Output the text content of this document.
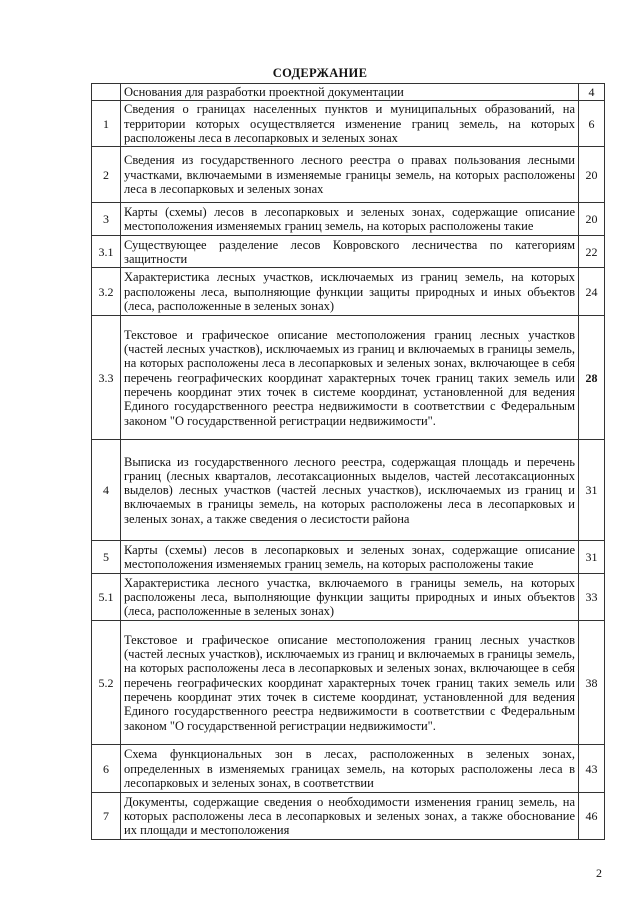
СОДЕРЖАНИЕ
	Основания для разработки проектной документации	4
1	Сведения о границах населенных пунктов и муниципальных образований, на территории которых осуществляется изменение границ земель, на которых расположены леса в лесопарковых и зеленых зонах	6
2	Сведения из государственного лесного реестра о правах пользования лесными участками, включаемыми в изменяемые границы земель, на которых расположены леса в лесопарковых и зеленых зонах	20
3	Карты (схемы) лесов в лесопарковых и зеленых зонах, содержащие описание местоположения изменяемых границ земель, на которых расположены такие	20
3.1	Существующее разделение лесов Ковровского лесничества по категориям защитности	22
3.2	Характеристика лесных участков, исключаемых из границ земель, на которых расположены леса, выполняющие функции защиты природных и иных объектов (леса, расположенные в зеленых зонах)	24
3.3	Текстовое и графическое описание местоположения границ лесных участков (частей лесных участков), исключаемых из границ и включаемых в границы земель, на которых расположены леса в лесопарковых и зеленых зонах, включающее в себя перечень географических координат характерных точек границ таких земель или перечень координат этих точек в системе координат, установленной для ведения Единого государственного реестра недвижимости в соответствии с Федеральным законом "О государственной регистрации недвижимости".	28
4	Выписка из государственного лесного реестра, содержащая площадь и перечень границ (лесных кварталов, лесотаксационных выделов, частей лесотаксационных выделов) лесных участков (частей лесных участков), исключаемых из границ и включаемых в границы земель, на которых расположены леса в лесопарковых и зеленых зонах, а также сведения о лесистости района	31
5	Карты (схемы) лесов в лесопарковых и зеленых зонах, содержащие описание местоположения изменяемых границ земель, на которых расположены такие	31
5.1	Характеристика лесного участка, включаемого в границы земель, на которых расположены леса, выполняющие функции защиты природных и иных объектов (леса, расположенные в зеленых зонах)	33
5.2	Текстовое и графическое описание местоположения границ лесных участков (частей лесных участков), исключаемых из границ и включаемых в границы земель, на которых расположены леса в лесопарковых и зеленых зонах, включающее в себя перечень географических координат характерных точек границ таких земель или перечень координат этих точек в системе координат, установленной для ведения Единого государственного реестра недвижимости в соответствии с Федеральным законом "О государственной регистрации недвижимости".	38
6	Схема функциональных зон в лесах, расположенных в зеленых зонах, определенных в изменяемых границах земель, на которых расположены леса в лесопарковых и зеленых зонах, в соответствии	43
7	Документы, содержащие сведения о необходимости изменения границ земель, на которых расположены леса в лесопарковых и зеленых зонах, а также обоснование их площади и местоположения	46
2
